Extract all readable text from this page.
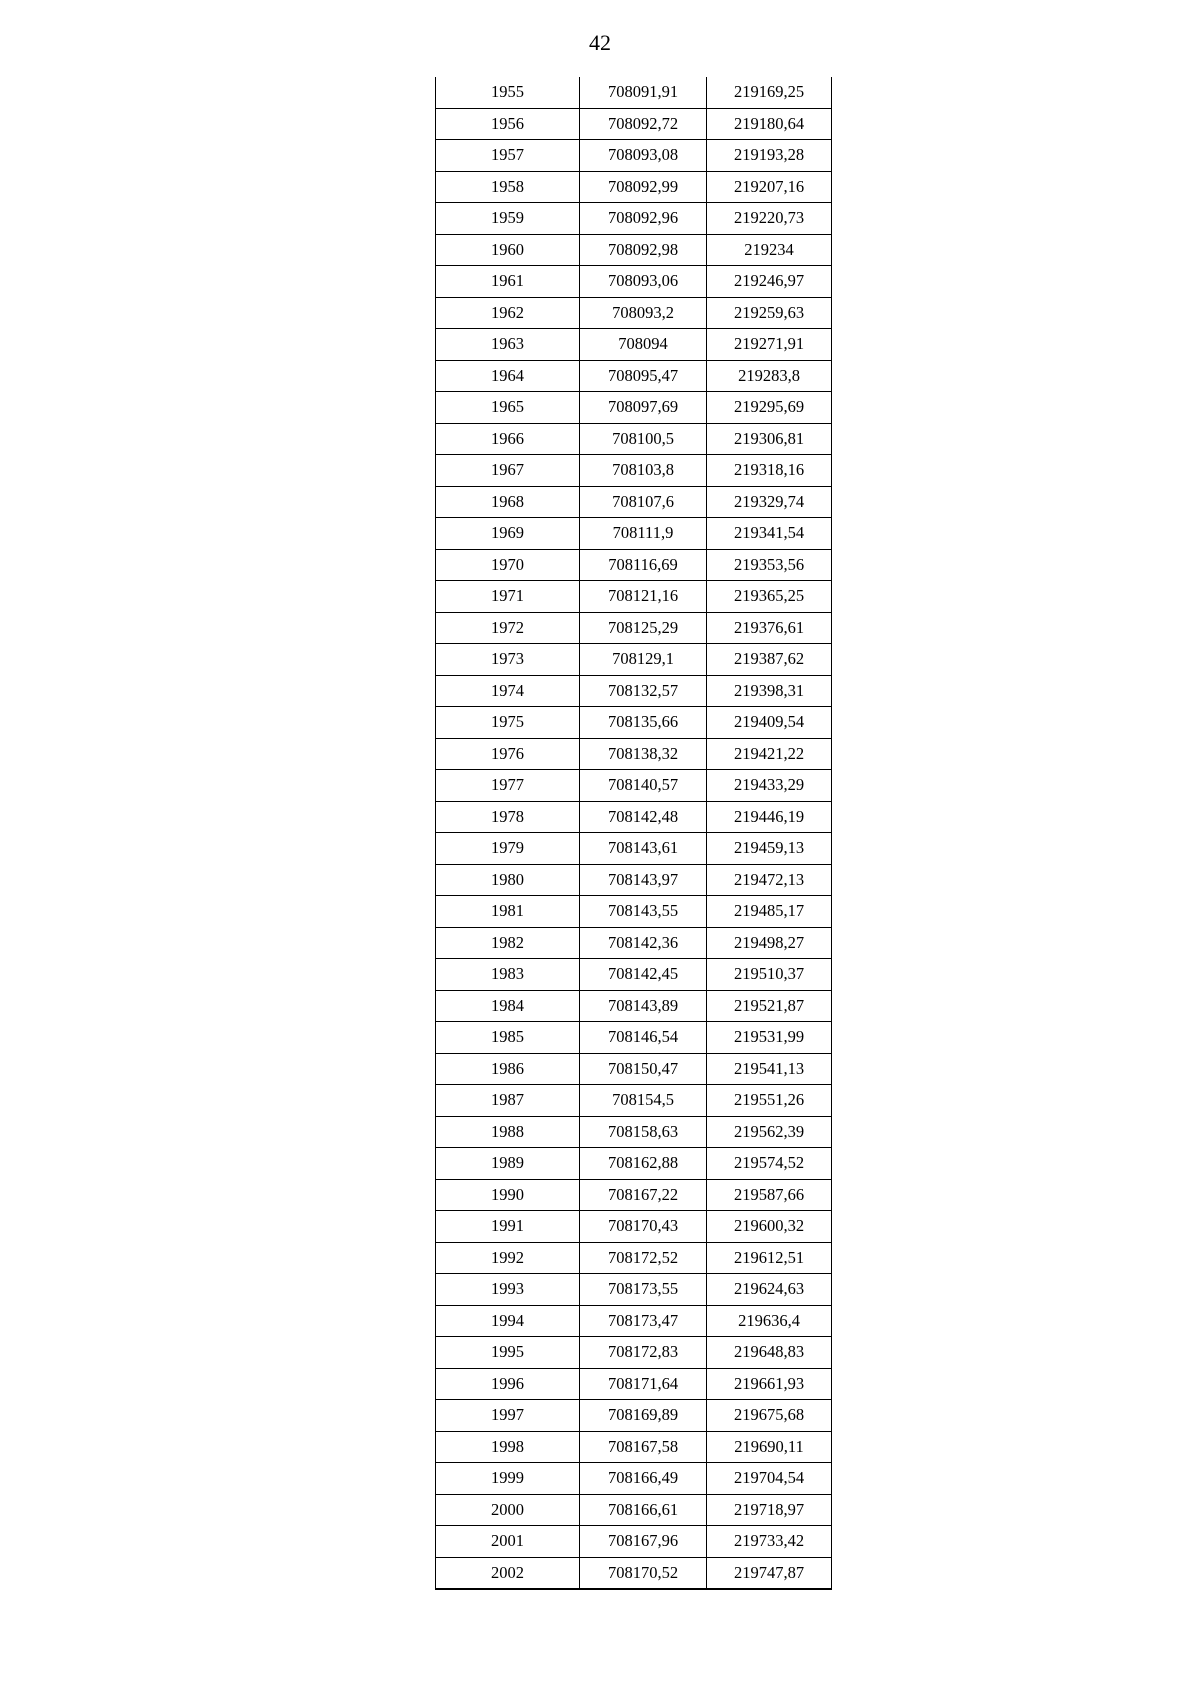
42
1955	708091,91	219169,25
1956	708092,72	219180,64
1957	708093,08	219193,28
1958	708092,99	219207,16
1959	708092,96	219220,73
1960	708092,98	219234
1961	708093,06	219246,97
1962	708093,2	219259,63
1963	708094	219271,91
1964	708095,47	219283,8
1965	708097,69	219295,69
1966	708100,5	219306,81
1967	708103,8	219318,16
1968	708107,6	219329,74
1969	708111,9	219341,54
1970	708116,69	219353,56
1971	708121,16	219365,25
1972	708125,29	219376,61
1973	708129,1	219387,62
1974	708132,57	219398,31
1975	708135,66	219409,54
1976	708138,32	219421,22
1977	708140,57	219433,29
1978	708142,48	219446,19
1979	708143,61	219459,13
1980	708143,97	219472,13
1981	708143,55	219485,17
1982	708142,36	219498,27
1983	708142,45	219510,37
1984	708143,89	219521,87
1985	708146,54	219531,99
1986	708150,47	219541,13
1987	708154,5	219551,26
1988	708158,63	219562,39
1989	708162,88	219574,52
1990	708167,22	219587,66
1991	708170,43	219600,32
1992	708172,52	219612,51
1993	708173,55	219624,63
1994	708173,47	219636,4
1995	708172,83	219648,83
1996	708171,64	219661,93
1997	708169,89	219675,68
1998	708167,58	219690,11
1999	708166,49	219704,54
2000	708166,61	219718,97
2001	708167,96	219733,42
2002	708170,52	219747,87
